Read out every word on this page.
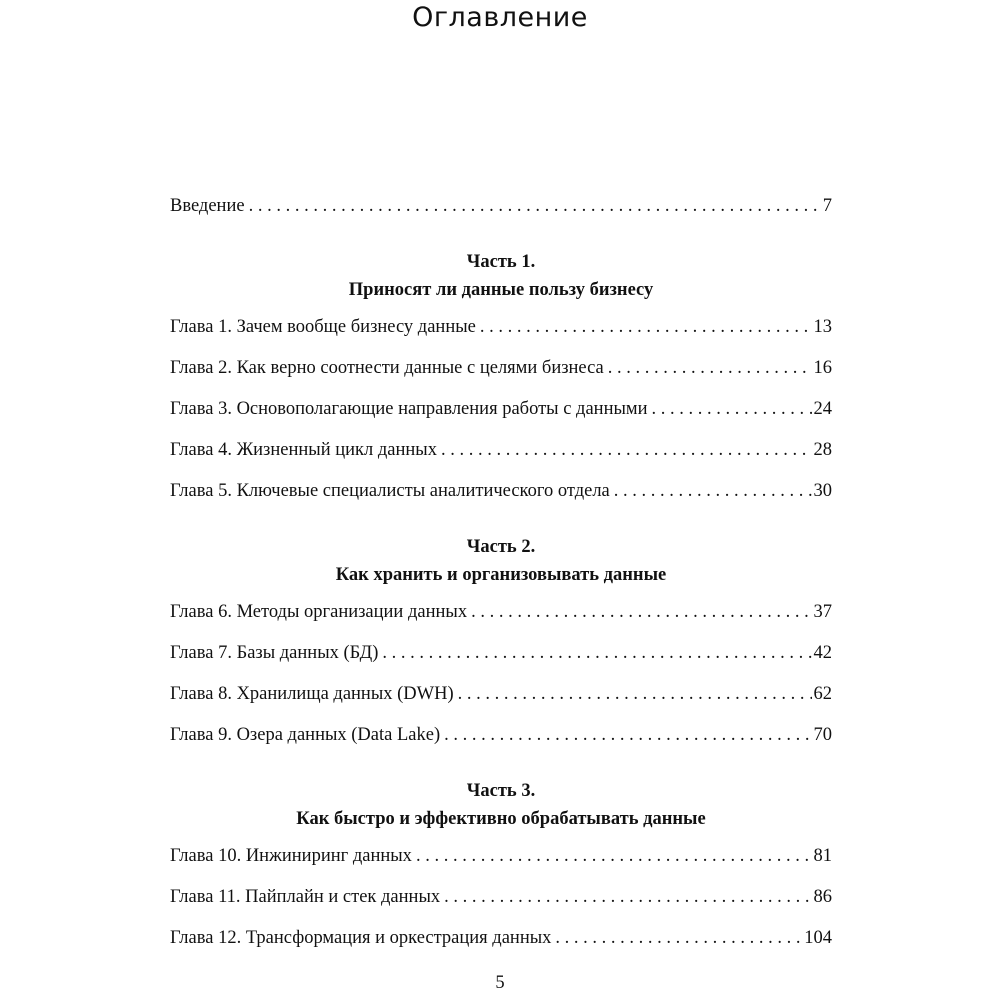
Оглавление
Введение . . .	7
Часть 1.
Приносят ли данные пользу бизнесу
Глава 1. Зачем вообще бизнесу данные . . .	13
Глава 2. Как верно соотнести данные с целями бизнеса . . .	16
Глава 3. Основополагающие направления работы с данными . . .	24
Глава 4. Жизненный цикл данных . . .	28
Глава 5. Ключевые специалисты аналитического отдела . . .	30
Часть 2.
Как хранить и организовывать данные
Глава 6. Методы организации данных . . .	37
Глава 7. Базы данных (БД) . . .	42
Глава 8. Хранилища данных (DWH) . . .	62
Глава 9. Озера данных (Data Lake) . . .	70
Часть 3.
Как быстро и эффективно обрабатывать данные
Глава 10. Инжиниринг данных . . .	81
Глава 11. Пайплайн и стек данных . . .	86
Глава 12. Трансформация и оркестрация данных . . .	104
5
